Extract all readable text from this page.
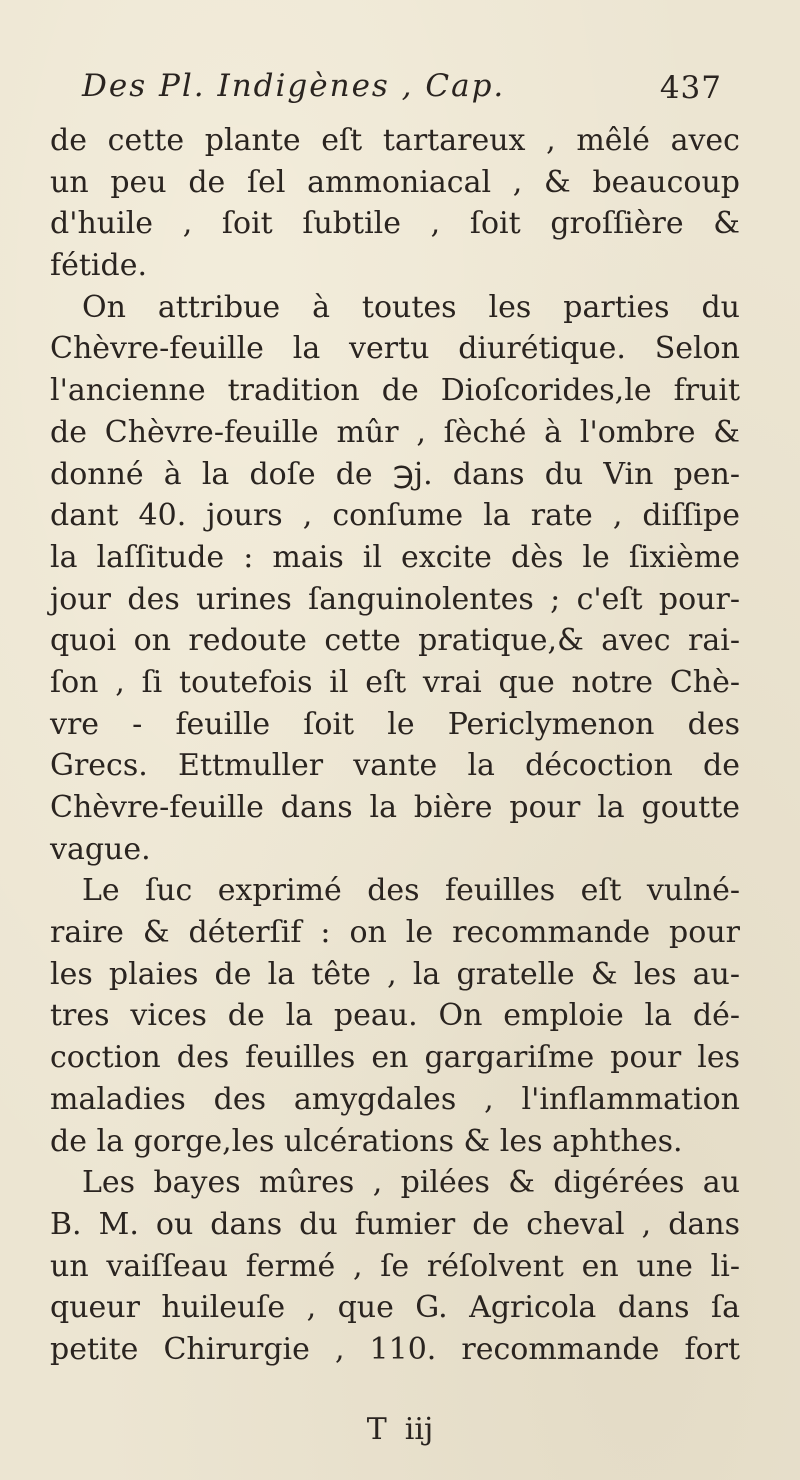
Des Pl. Indigènes , Cap.	437
de cette plante eſt tartareux , mêlé avec
un peu de ſel ammoniacal , & beaucoup
d'huile , ſoit ſubtile , ſoit groſſière &
fétide.
On attribue à toutes les parties du
Chèvre-feuille la vertu diurétique. Selon
l'ancienne tradition de Dioſcorides,le fruit
de Chèvre-feuille mûr , ſèché à l'ombre &
donné à la doſe de ℈j. dans du Vin pen-
dant 40. jours , conſume la rate , diſſipe
la laſſitude : mais il excite dès le ſixième
jour des urines ſanguinolentes ; c'eſt pour-
quoi on redoute cette pratique,& avec rai-
ſon , ſi toutefois il eſt vrai que notre Chè-
vre - feuille ſoit le Periclymenon des
Grecs. Ettmuller vante la décoction de
Chèvre-feuille dans la bière pour la goutte
vague.
Le ſuc exprimé des feuilles eſt vulné-
raire & déterſif : on le recommande pour
les plaies de la tête , la gratelle & les au-
tres vices de la peau. On emploie la dé-
coction des feuilles en gargariſme pour les
maladies des amygdales , l'inflammation
de la gorge,les ulcérations & les aphthes.
Les bayes mûres , pilées & digérées au
B. M. ou dans du fumier de cheval , dans
un vaiſſeau fermé , ſe réſolvent en une li-
queur huileuſe , que G. Agricola dans ſa
petite Chirurgie , 110. recommande fort
T iij
